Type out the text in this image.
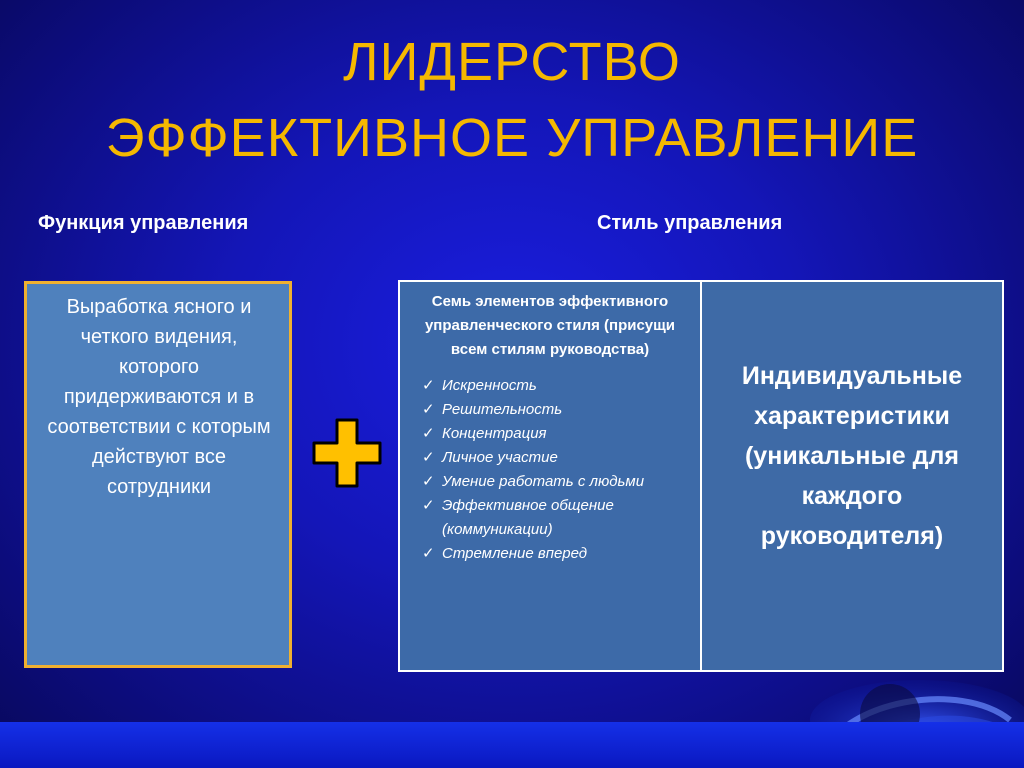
ЛИДЕРСТВО
ЭФФЕКТИВНОЕ УПРАВЛЕНИЕ
Функция управления	Стиль управления

Выработка ясного и четкого видения, которого придерживаются и в соответствии с которым действуют все сотрудники

Семь элементов эффективного управленческого стиля (присущи всем стилям руководства)

✓ Искренность
✓ Решительность
✓ Концентрация
✓ Личное участие
✓ Умение работать с людьми
✓ Эффективное общение (коммуникации)
✓ Стремление вперед

Индивидуальные характеристики (уникальные для каждого руководителя)
